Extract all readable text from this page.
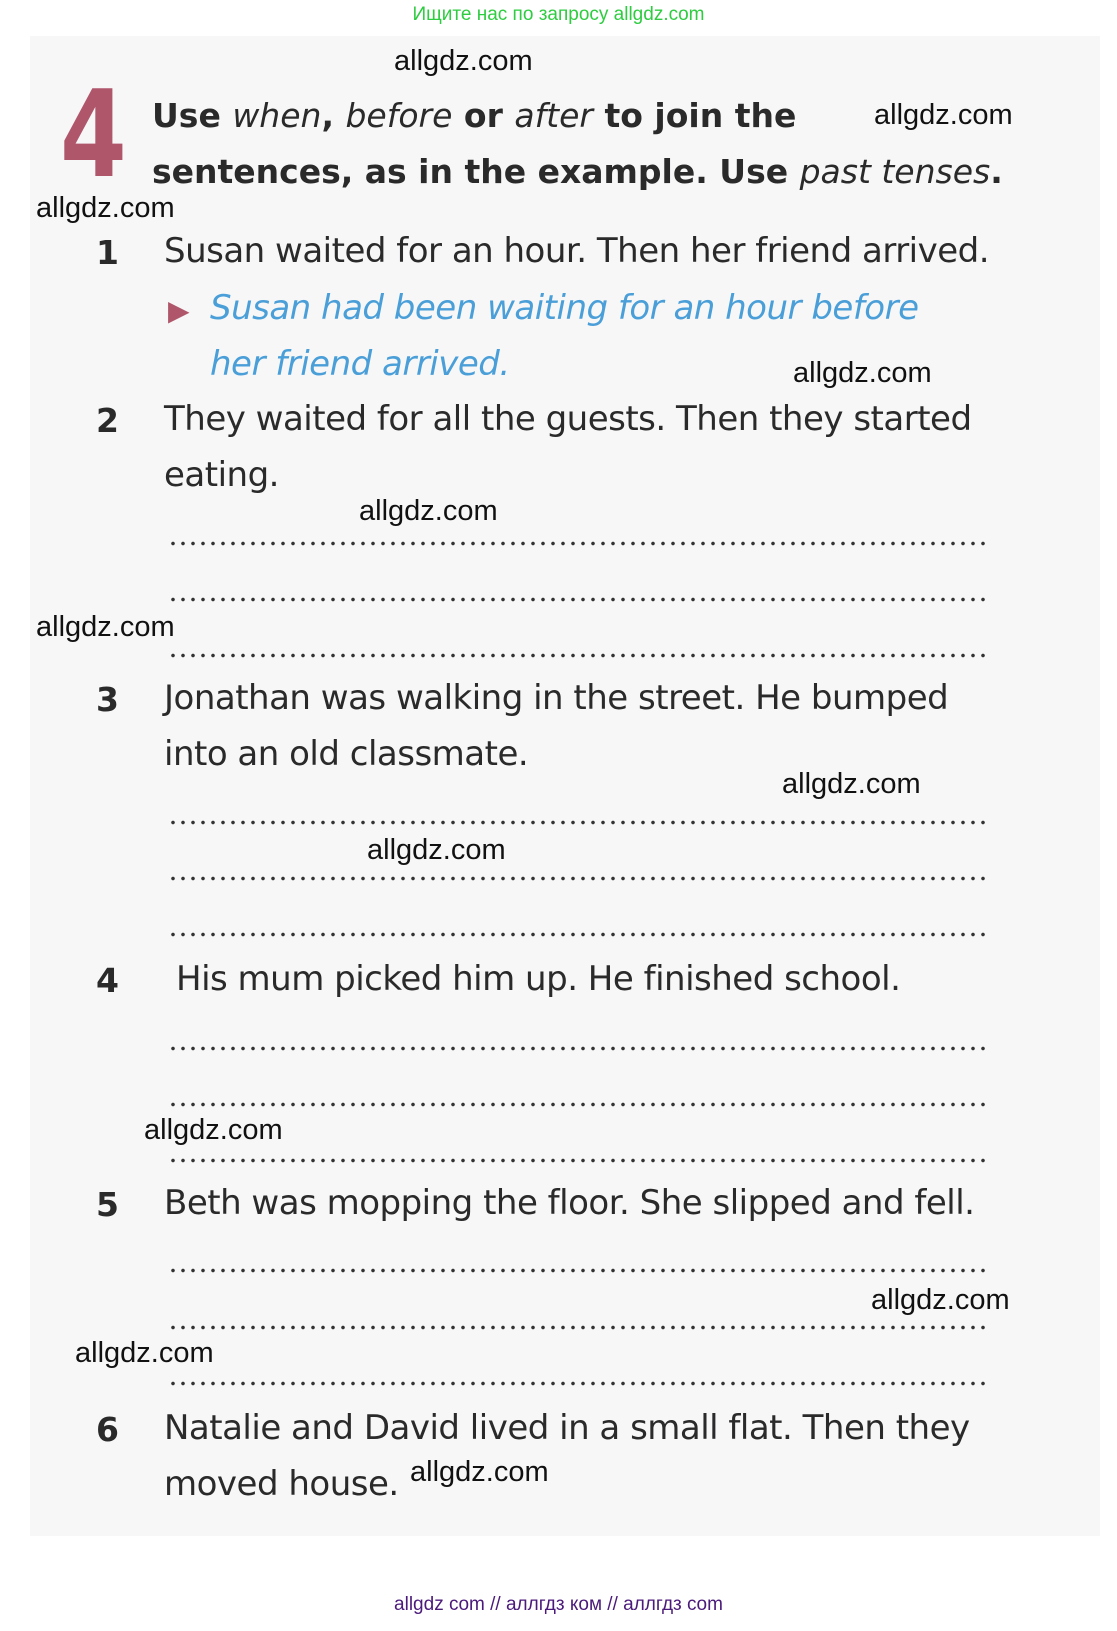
Ищите нас по запросу allgdz.com
4 Use when, before or after to join the
sentences, as in the example. Use past tenses.
1 Susan waited for an hour. Then her friend arrived.
▶ Susan had been waiting for an hour before
her friend arrived.
2 They waited for all the guests. Then they started
eating.
3 Jonathan was walking in the street. He bumped
into an old classmate.
4 His mum picked him up. He finished school.
5 Beth was mopping the floor. She slipped and fell.
6 Natalie and David lived in a small flat. Then they
moved house.
allgdz.com
allgdz.com
allgdz.com
allgdz.com
allgdz.com
allgdz.com
allgdz.com
allgdz.com
allgdz.com
allgdz.com
allgdz.com
allgdz.com
allgdz com // аллгдз ком // аллгдз com
